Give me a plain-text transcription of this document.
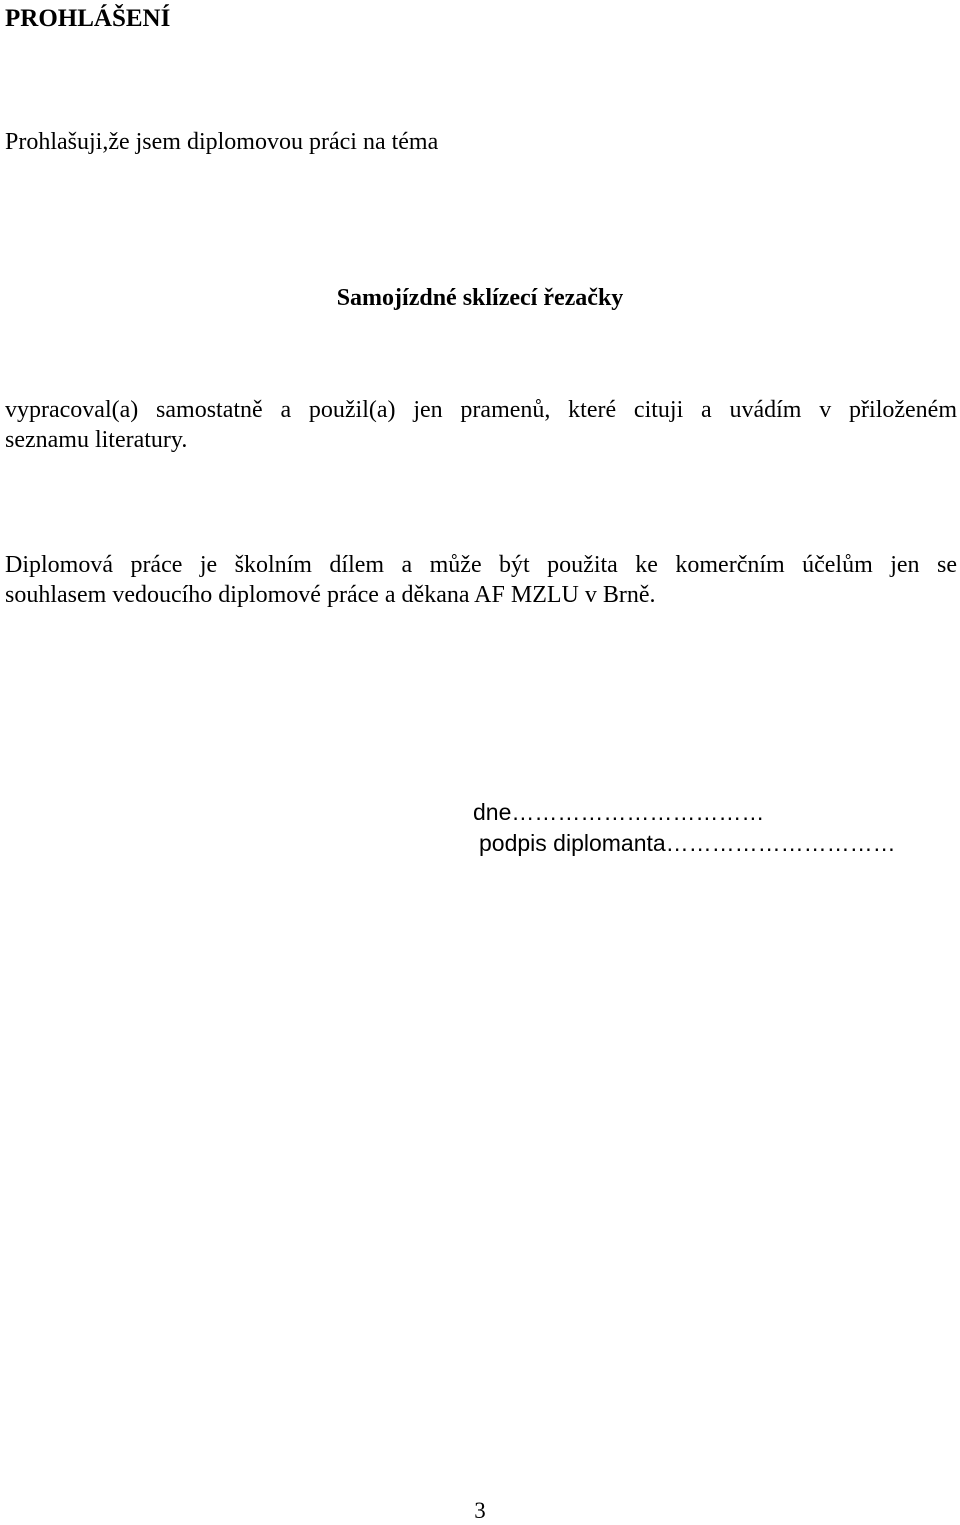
PROHLÁŠENÍ
Prohlašuji,že jsem diplomovou práci na téma
Samojízdné sklízecí řezačky
vypracoval(a) samostatně a použil(a) jen pramenů, které cituji a uvádím v přiloženém
seznamu literatury.
Diplomová práce je školním dílem a může být použita ke komerčním účelům jen se
souhlasem vedoucího diplomové práce a děkana AF MZLU v Brně.
dne……………………………
podpis diplomanta…………………………
3
